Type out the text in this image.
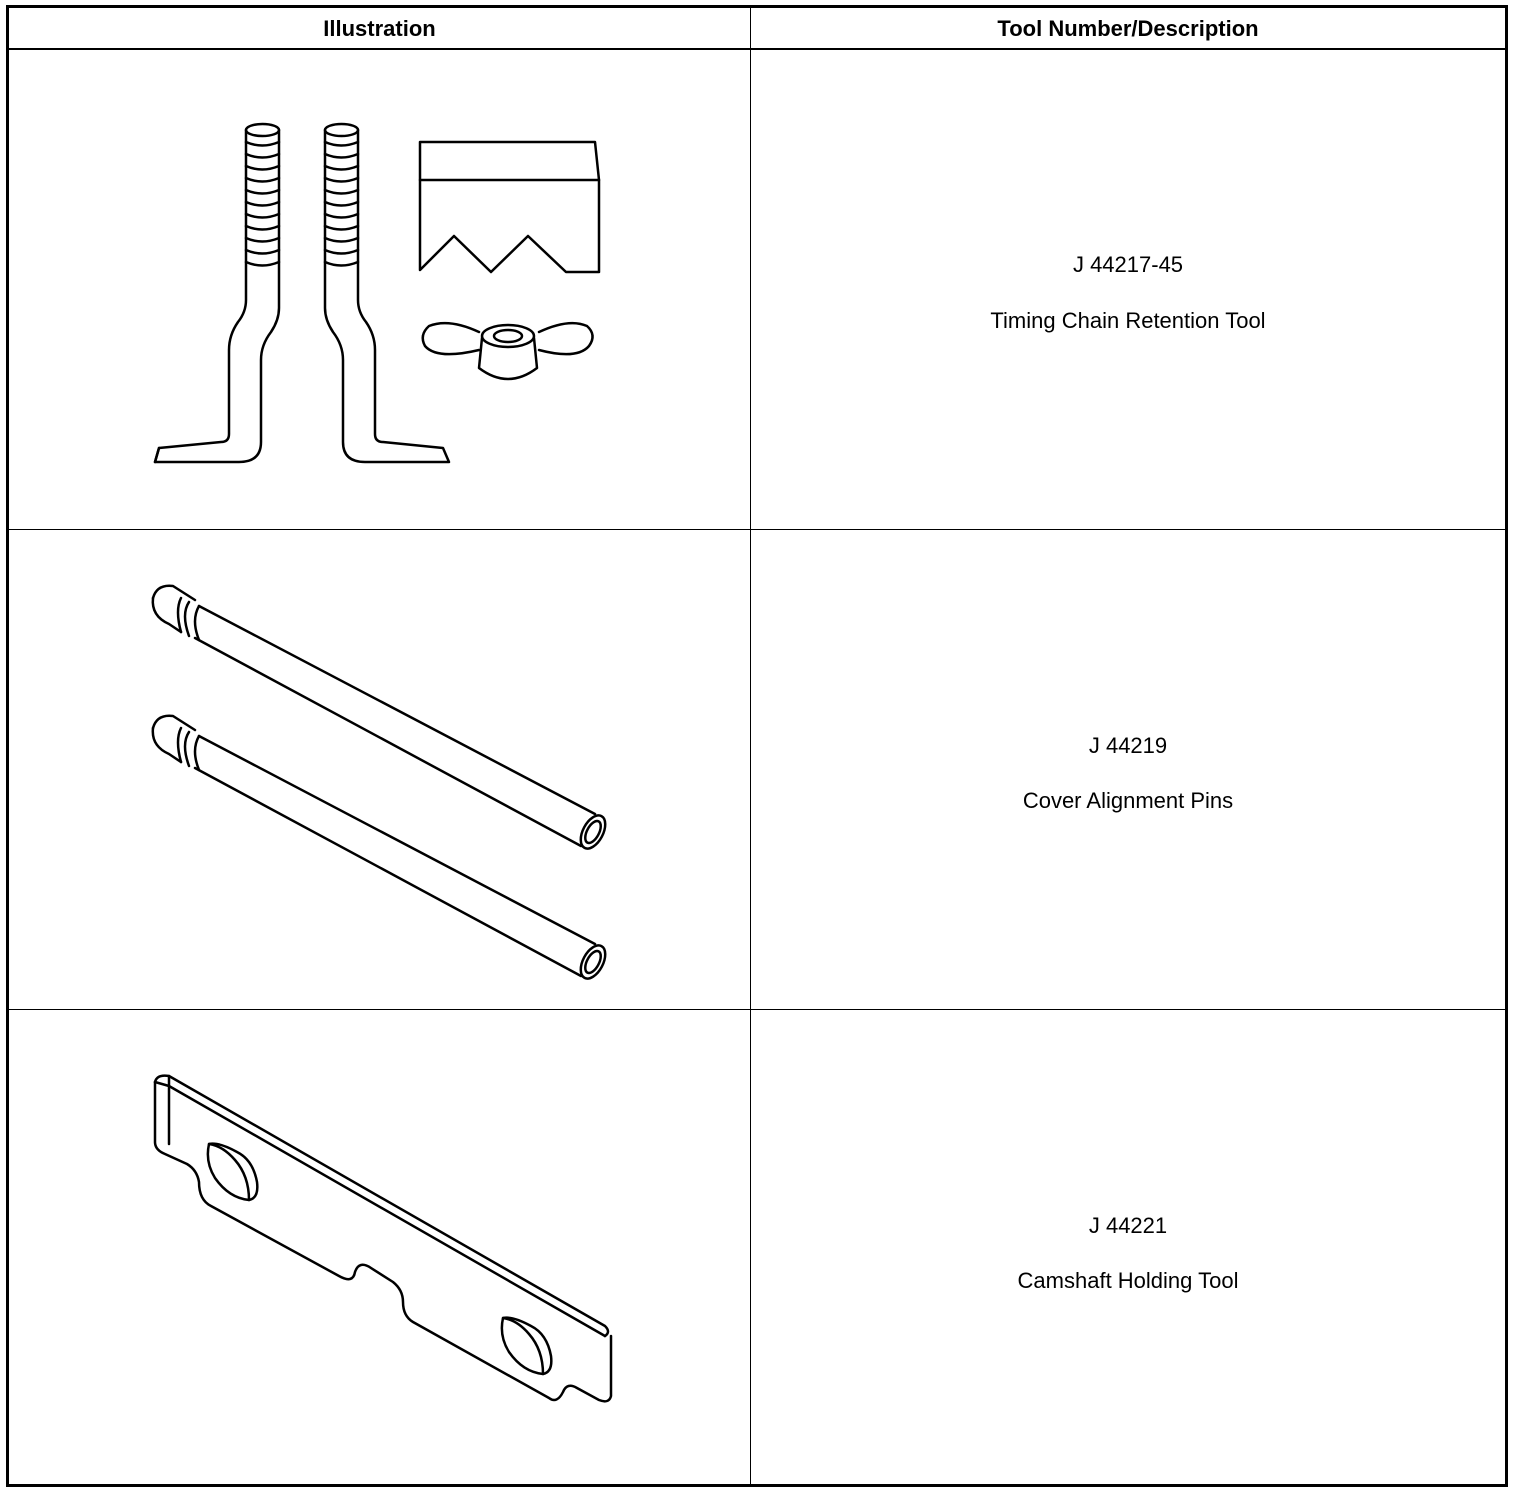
Illustration	Tool Number/Description
J 44217-45
Timing Chain Retention Tool
J 44219
Cover Alignment Pins
J 44221
Camshaft Holding Tool
